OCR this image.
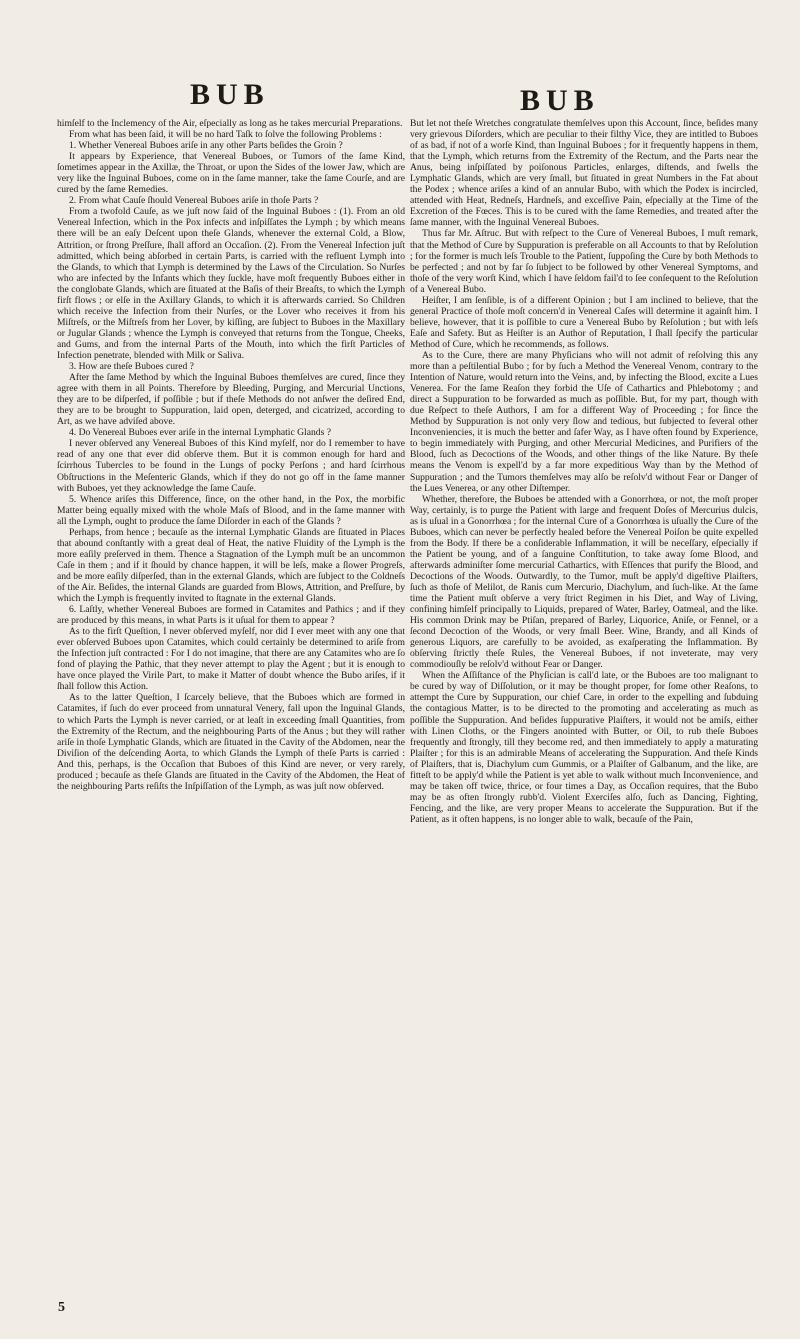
BUB	BUB

himſelf to the Inclemency of the Air, eſpecially as long as he takes mercurial Preparations.

From what has been ſaid, it will be no hard Taſk to ſolve the following Problems :

1. Whether Venereal Buboes ariſe in any other Parts beſides the Groin ?

It appears by Experience, that Venereal Buboes, or Tumors of the ſame Kind, ſometimes appear in the Axillæ, the Throat, or upon the Sides of the lower Jaw, which are very like the Inguinal Buboes, come on in the ſame manner, take the ſame Courſe, and are cured by the ſame Remedies.

2. From what Cauſe ſhould Venereal Buboes ariſe in thoſe Parts ?

From a twofold Cauſe, as we juſt now ſaid of the Inguinal Buboes : (1). From an old Venereal Infection, which in the Pox infects and inſpiſſates the Lymph ; by which means there will be an eaſy Deſcent upon theſe Glands, whenever the external Cold, a Blow, Attrition, or ſtrong Preſſure, ſhall afford an Occaſion. (2). From the Venereal Infection juſt admitted, which being abſorbed in certain Parts, is carried with the refluent Lymph into the Glands, to which that Lymph is determined by the Laws of the Circulation. So Nurſes who are infected by the Infants which they ſuckle, have moſt frequently Buboes either in the conglobate Glands, which are ſituated at the Baſis of their Breaſts, to which the Lymph firſt flows ; or elſe in the Axillary Glands, to which it is afterwards carried. So Children which receive the Infection from their Nurſes, or the Lover who receives it from his Miſtreſs, or the Miſtreſs from her Lover, by kiſſing, are ſubject to Buboes in the Maxillary or Jugular Glands ; whence the Lymph is conveyed that returns from the Tongue, Cheeks, and Gums, and from the internal Parts of the Mouth, into which the firſt Particles of Infection penetrate, blended with Milk or Saliva.

3. How are theſe Buboes cured ?

After the ſame Method by which the Inguinal Buboes themſelves are cured, ſince they agree with them in all Points. Therefore by Bleeding, Purging, and Mercurial Unctions, they are to be diſperſed, if poſſible ; but if theſe Methods do not anſwer the deſired End, they are to be brought to Suppuration, laid open, deterged, and cicatrized, according to Art, as we have adviſed above.

4. Do Venereal Buboes ever ariſe in the internal Lymphatic Glands ?

I never obſerved any Venereal Buboes of this Kind myſelf, nor do I remember to have read of any one that ever did obſerve them. But it is common enough for hard and ſcirrhous Tubercles to be found in the Lungs of pocky Perſons ; and hard ſcirrhous Obſtructions in the Meſenteric Glands, which if they do not go off in the ſame manner with Buboes, yet they acknowledge the ſame Cauſe.

5. Whence ariſes this Difference, ſince, on the other hand, in the Pox, the morbific Matter being equally mixed with the whole Maſs of Blood, and in the ſame manner with all the Lymph, ought to produce the ſame Diſorder in each of the Glands ?

Perhaps, from hence ; becauſe as the internal Lymphatic Glands are ſituated in Places that abound conſtantly with a great deal of Heat, the native Fluidity of the Lymph is the more eaſily preſerved in them. Thence a Stagnation of the Lymph muſt be an uncommon Caſe in them ; and if it ſhould by chance happen, it will be leſs, make a ſlower Progreſs, and be more eaſily diſperſed, than in the external Glands, which are ſubject to the Coldneſs of the Air. Beſides, the internal Glands are guarded from Blows, Attrition, and Preſſure, by which the Lymph is frequently invited to ſtagnate in the external Glands.

6. Laſtly, whether Venereal Buboes are formed in Catamites and Pathics ; and if they are produced by this means, in what Parts is it uſual for them to appear ?

As to the firſt Queſtion, I never obſerved myſelf, nor did I ever meet with any one that ever obſerved Buboes upon Catamites, which could certainly be determined to ariſe from the Infection juſt contracted : For I do not imagine, that there are any Catamites who are ſo fond of playing the Pathic, that they never attempt to play the Agent ; but it is enough to have once played the Virile Part, to make it Matter of doubt whence the Bubo ariſes, if it ſhall follow this Action.

As to the latter Queſtion, I ſcarcely believe, that the Buboes which are formed in Catamites, if ſuch do ever proceed from unnatural Venery, fall upon the Inguinal Glands, to which Parts the Lymph is never carried, or at leaſt in exceeding ſmall Quantities, from the Extremity of the Rectum, and the neighbouring Parts of the Anus ; but they will rather ariſe in thoſe Lymphatic Glands, which are ſituated in the Cavity of the Abdomen, near the Diviſion of the deſcending Aorta, to which Glands the Lymph of theſe Parts is carried : And this, perhaps, is the Occaſion that Buboes of this Kind are never, or very rarely, produced ; becauſe as theſe Glands are ſituated in the Cavity of the Abdomen, the Heat of the neighbouring Parts reſiſts the Inſpiſſation of the Lymph, as was juſt now obſerved.

But let not theſe Wretches congratulate themſelves upon this Account, ſince, beſides many very grievous Diſorders, which are peculiar to their filthy Vice, they are intitled to Buboes of as bad, if not of a worſe Kind, than Inguinal Buboes ; for it frequently happens in them, that the Lymph, which returns from the Extremity of the Rectum, and the Parts near the Anus, being inſpiſſated by poiſonous Particles, enlarges, diſtends, and ſwells the Lymphatic Glands, which are very ſmall, but ſituated in great Numbers in the Fat about the Podex ; whence ariſes a kind of an annular Bubo, with which the Podex is incircled, attended with Heat, Redneſs, Hardneſs, and exceſſive Pain, eſpecially at the Time of the Excretion of the Fœces. This is to be cured with the ſame Remedies, and treated after the ſame manner, with the Inguinal Venereal Buboes.

Thus far Mr. Aſtruc. But with reſpect to the Cure of Venereal Buboes, I muſt remark, that the Method of Cure by Suppuration is preferable on all Accounts to that by Reſolution ; for the former is much leſs Trouble to the Patient, ſuppoſing the Cure by both Methods to be perfected ; and not by far ſo ſubject to be followed by other Venereal Symptoms, and thoſe of the very worſt Kind, which I have ſeldom fail'd to ſee conſequent to the Reſolution of a Venereal Bubo.

Heiſter, I am ſenſible, is of a different Opinion ; but I am inclined to believe, that the general Practice of thoſe moſt concern'd in Venereal Caſes will determine it againſt him. I believe, however, that it is poſſible to cure a Venereal Bubo by Reſolution ; but with leſs Eaſe and Safety. But as Heiſter is an Author of Reputation, I ſhall ſpecify the particular Method of Cure, which he recommends, as follows.

As to the Cure, there are many Phyſicians who will not admit of reſolving this any more than a peſtilential Bubo ; for by ſuch a Method the Venereal Venom, contrary to the Intention of Nature, would return into the Veins, and, by infecting the Blood, excite a Lues Venerea. For the ſame Reaſon they forbid the Uſe of Cathartics and Phlebotomy ; and direct a Suppuration to be forwarded as much as poſſible. But, for my part, though with due Reſpect to theſe Authors, I am for a different Way of Proceeding ; for ſince the Method by Suppuration is not only very ſlow and tedious, but ſubjected to ſeveral other Inconveniencies, it is much the better and ſafer Way, as I have often found by Experience, to begin immediately with Purging, and other Mercurial Medicines, and Purifiers of the Blood, ſuch as Decoctions of the Woods, and other things of the like Nature. By theſe means the Venom is expell'd by a far more expeditious Way than by the Method of Suppuration ; and the Tumors themſelves may alſo be reſolv'd without Fear or Danger of the Lues Venerea, or any other Diſtemper.

Whether, therefore, the Buboes be attended with a Gonorrhœa, or not, the moſt proper Way, certainly, is to purge the Patient with large and frequent Doſes of Mercurius dulcis, as is uſual in a Gonorrhœa ; for the internal Cure of a Gonorrhœa is uſually the Cure of the Buboes, which can never be perfectly healed before the Venereal Poiſon be quite expelled from the Body. If there be a conſiderable Inflammation, it will be neceſſary, eſpecially if the Patient be young, and of a ſanguine Conſtitution, to take away ſome Blood, and afterwards adminiſter ſome mercurial Cathartics, with Eſſences that purify the Blood, and Decoctions of the Woods. Outwardly, to the Tumor, muſt be apply'd digeſtive Plaiſters, ſuch as thoſe of Melilot, de Ranis cum Mercurio, Diachylum, and ſuch-like. At the ſame time the Patient muſt obſerve a very ſtrict Regimen in his Diet, and Way of Living, confining himſelf principally to Liquids, prepared of Water, Barley, Oatmeal, and the like. His common Drink may be Ptiſan, prepared of Barley, Liquorice, Aniſe, or Fennel, or a ſecond Decoction of the Woods, or very ſmall Beer. Wine, Brandy, and all Kinds of generous Liquors, are carefully to be avoided, as exaſperating the Inflammation. By obſerving ſtrictly theſe Rules, the Venereal Buboes, if not inveterate, may very commodiouſly be reſolv'd without Fear or Danger.

When the Aſſiſtance of the Phyſician is call'd late, or the Buboes are too malignant to be cured by way of Diſſolution, or it may be thought proper, for ſome other Reaſons, to attempt the Cure by Suppuration, our chief Care, in order to the expelling and ſubduing the contagious Matter, is to be directed to the promoting and accelerating as much as poſſible the Suppuration. And beſides ſuppurative Plaiſters, it would not be amiſs, either with Linen Cloths, or the Fingers anointed with Butter, or Oil, to rub theſe Buboes frequently and ſtrongly, till they become red, and then immediately to apply a maturating Plaiſter ; for this is an admirable Means of accelerating the Suppuration. And theſe Kinds of Plaiſters, that is, Diachylum cum Gummis, or a Plaiſter of Galbanum, and the like, are fitteſt to be apply'd while the Patient is yet able to walk without much Inconvenience, and may be taken off twice, thrice, or four times a Day, as Occaſion requires, that the Bubo may be as often ſtrongly rubb'd. Violent Exerciſes alſo, ſuch as Dancing, Fighting, Fencing, and the like, are very proper Means to accelerate the Suppuration. But if the Patient, as it often happens, is no longer able to walk, becauſe of the Pain,

5
